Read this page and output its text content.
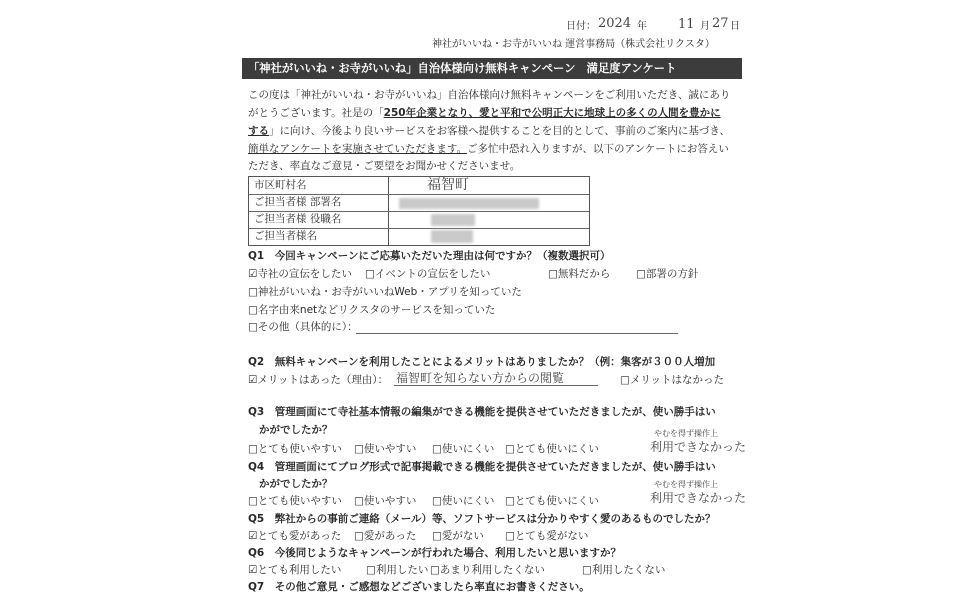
日付： 2024 年 11 月 27 日
神社がいいね・お寺がいいね 運営事務局（株式会社リクスタ）
「神社がいいね・お寺がいいね」自治体様向け無料キャンペーン　満足度アンケート
この度は「神社がいいね・お寺がいいね」自治体様向け無料キャンペーンをご利用いただき、誠にあり
がとうございます。社是の「250年企業となり、愛と平和で公明正大に地球上の多くの人間を豊かに
する」に向け、今後より良いサービスをお客様へ提供することを目的として、事前のご案内に基づき、
簡単なアンケートを実施させていただきます。ご多忙中恐れ入りますが、以下のアンケートにお答えい
ただき、率直なご意見・ご要望をお聞かせくださいませ。
市区町村名	福智町
ご担当者様 部署名
ご担当者様 役職名
ご担当者様名
Q1　今回キャンペーンにご応募いただいた理由は何ですか？（複数選択可）
☑寺社の宣伝をしたい □イベントの宣伝をしたい	□無料だから □部署の方針
□神社がいいね・お寺がいいねWeb・アプリを知っていた
□名字由来netなどリクスタのサービスを知っていた
□その他（具体的に）：
Q2　無料キャンペーンを利用したことによるメリットはありましたか？（例：集客が３００人増加
☑メリットはあった（理由）： 福智町を知らない方からの閲覧	□メリットはなかった
Q3　管理画面にて寺社基本情報の編集ができる機能を提供させていただきましたが、使い勝手はい
かがでしたか？
□とても使いやすい □使いやすい □使いにくい □とても使いにくい
やむを得ず操作上
利用できなかった
Q4　管理画面にてブログ形式で記事掲載できる機能を提供させていただきましたが、使い勝手はい
かがでしたか？
□とても使いやすい □使いやすい □使いにくい □とても使いにくい
やむを得ず操作上
利用できなかった
Q5　弊社からの事前ご連絡（メール）等、ソフトサービスは分かりやすく愛のあるものでしたか？
☑とても愛があった □愛があった □愛がない □とても愛がない
Q6　今後同じようなキャンペーンが行われた場合、利用したいと思いますか？
☑とても利用したい □利用したい □あまり利用したくない	□利用したくない
Q7　その他ご意見・ご感想などございましたら率直にお書きください。
